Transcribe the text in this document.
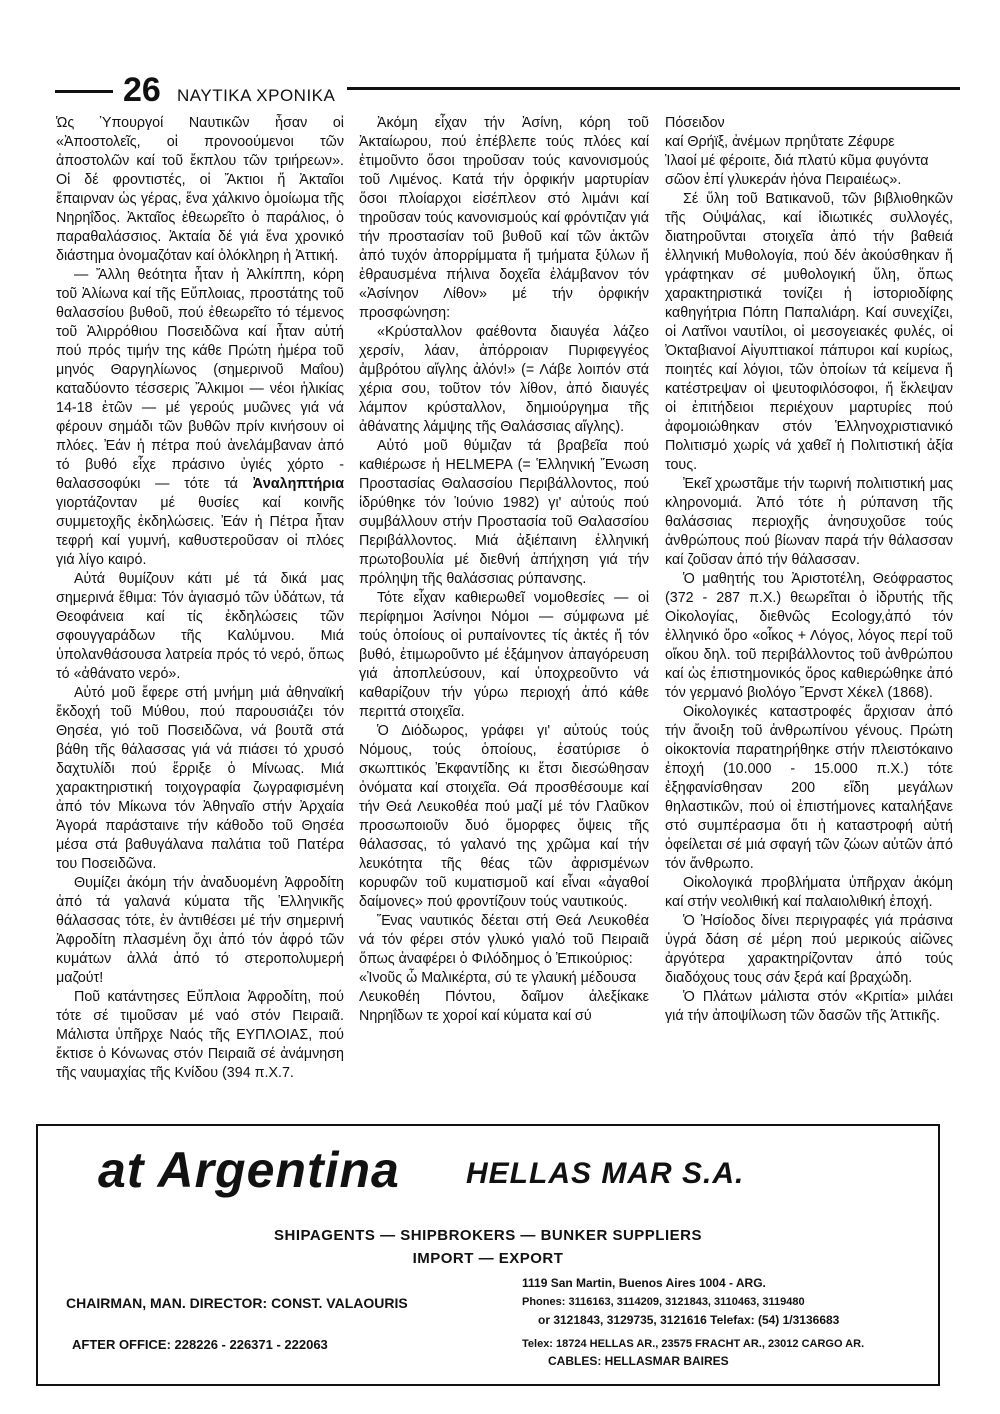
26 ΝΑΥΤΙΚΑ ΧΡΟΝΙΚΑ

Ὡς Ὑπουργοί Ναυτικῶν ἦσαν οἱ «Ἀποστολεῖς, οἱ προνοούμενοι τῶν ἀποστολῶν καί τοῦ ἔκπλου τῶν τριήρεων». Οἱ δέ φροντιστές, οἱ Ἄκτιοι ἤ Ἀκταῖοι ἔπαιρναν ὡς γέρας, ἕνα χάλκινο ὁμοίωμα τῆς Νηρηΐδος. Ἀκταῖος ἐθεωρεῖτο ὁ παράλιος, ὁ παραθαλάσσιος. Ἀκταία δέ γιά ἕνα χρονικό διάστημα ὀνομαζόταν καί ὁλόκληρη ἡ Ἀττική.

— Ἄλλη θεότητα ἦταν ἡ Ἀλκίππη, κόρη τοῦ Ἀλίωνα καί τῆς Εὔπλοιας, προστάτης τοῦ θαλασσίου βυθοῦ, πού ἐθεωρεῖτο τό τέμενος τοῦ Ἀλιρρόθιου Ποσειδῶνα καί ἦταν αὐτή πού πρός τιμήν της κάθε Πρώτη ἡμέρα τοῦ μηνός Θαργηλίωνος (σημερινοῦ Μαΐου) καταδύοντο τέσσερις Ἄλκιμοι — νέοι ἡλικίας 14-18 ἐτῶν — μέ γερούς μυῶνες γιά νά φέρουν σημάδι τῶν βυθῶν πρίν κινήσουν οἱ πλόες. Ἐάν ἡ πέτρα πού ἀνελάμβαναν ἀπό τό βυθό εἶχε πράσινο ὑγιές χόρτο - θαλασσοφύκι — τότε τά Ἀναληπτήρια γιορτάζονταν μέ θυσίες καί κοινῆς συμμετοχῆς ἐκδηλώσεις. Ἐάν ἡ Πέτρα ἦταν τεφρή καί γυμνή, καθυστεροῦσαν οἱ πλόες γιά λίγο καιρό.

Αὐτά θυμίζουν κάτι μέ τά δικά μας σημερινά ἔθιμα: Τόν ἁγιασμό τῶν ὑδάτων, τά Θεοφάνεια καί τίς ἐκδηλώσεις τῶν σφουγγαράδων τῆς Καλύμνου. Μιά ὑπολανθάσουσα λατρεία πρός τό νερό, ὅπως τό «ἀθάνατο νερό».

Αὐτό μοῦ ἔφερε στή μνήμη μιά ἀθηναϊκή ἔκδοχή τοῦ Μύθου, πού παρουσιάζει τόν Θησέα, γιό τοῦ Ποσειδῶνα, νά βουτᾶ στά βάθη τῆς θάλασσας γιά νά πιάσει τό χρυσό δαχτυλίδι πού ἔρριξε ὁ Μίνωας. Μιά χαρακτηριστική τοιχογραφία ζωγραφισμένη ἀπό τόν Μίκωνα τόν Ἀθηναῖο στήν Ἀρχαία Ἀγορά παράσταινε τήν κάθοδο τοῦ Θησέα μέσα στά βαθυγάλανα παλάτια τοῦ Πατέρα του Ποσειδῶνα.

Θυμίζει ἀκόμη τήν ἀναδυομένη Ἀφροδίτη ἀπό τά γαλανά κύματα τῆς Ἑλληνικῆς θάλασσας τότε, ἐν ἀντιθέσει μέ τήν σημερινή Ἀφροδίτη πλασμένη ὄχι ἀπό τόν ἀφρό τῶν κυμάτων ἀλλά ἀπό τό στεροπολυμερή μαζούτ!

Ποῦ κατάντησες Εὔπλοια Ἀφροδίτη, πού τότε σέ τιμοῦσαν μέ ναό στόν Πειραιᾶ. Μάλιστα ὑπῆρχε Ναός τῆς ΕΥΠΛΟΙΑΣ, πού ἔκτισε ὁ Κόνωνας στόν Πειραιᾶ σέ ἀνάμνηση τῆς ναυμαχίας τῆς Κνίδου (394 π.Χ.7.

Ἀκόμη εἶχαν τήν Ἀσίνη, κόρη τοῦ Ἀκταίωρου, πού ἐπέβλεπε τούς πλόες καί ἐτιμοῦντο ὅσοι τηροῦσαν τούς κανονισμούς τοῦ Λιμένος. Κατά τήν ὀρφικήν μαρτυρίαν ὅσοι πλοίαρχοι εἰσέπλεον στό λιμάνι καί τηροῦσαν τούς κανονισμούς καί φρόντιζαν γιά τήν προστασίαν τοῦ βυθοῦ καί τῶν ἀκτῶν ἀπό τυχόν ἀπορρίμματα ἤ τμήματα ξύλων ἤ ἐθραυσμένα πήλινα δοχεῖα ἐλάμβανον τόν «Ἀσίνηον Λίθον» μέ τήν ὀρφικήν προσφώνηση:

«Κρύσταλλον φαέθοντα διαυγέα λάζεο χερσίν, λάαν, ἀπόρροιαν Πυριφεγγέος ἀμβρότου αἴγλης ἀλόν!» (= Λάβε λοιπόν στά χέρια σου, τοῦτον τόν λίθον, ἀπό διαυγές λάμπον κρύσταλλον, δημιούργημα τῆς ἀθάνατης λάμψης τῆς Θαλάσσιας αἴγλης).

Αὐτό μοῦ θύμιζαν τά βραβεῖα πού καθιέρωσε ἡ HELMEPA (= Ἑλληνική Ἔνωση Προστασίας Θαλασσίου Περιβάλλοντος, πού ἱδρύθηκε τόν Ἰούνιο 1982) γι' αὐτούς πού συμβάλλουν στήν Προστασία τοῦ Θαλασσίου Περιβάλλοντος. Μιά ἀξιέπαινη ἑλληνική πρωτοβουλία μέ διεθνή ἀπήχηση γιά τήν πρόληψη τῆς θαλάσσιας ρύπανσης.

Τότε εἶχαν καθιερωθεῖ νομοθεσίες — οἱ περίφημοι Ἀσίνηοι Νόμοι — σύμφωνα μέ τούς ὁποίους οἱ ρυπαίνοντες τίς ἀκτές ἤ τόν βυθό, ἐτιμωροῦντο μέ ἑξάμηνον ἀπαγόρευση γιά ἀποπλεύσουν, καί ὑποχρεοῦντο νά καθαρίζουν τήν γύρω περιοχή ἀπό κάθε περιττά στοιχεῖα.

Ὁ Διόδωρος, γράφει γι' αὐτούς τούς Νόμους, τούς ὁποίους, ἐσατύρισε ὁ σκωπτικός Ἐκφαντίδης κι ἔτσι διεσώθησαν ὀνόματα καί στοιχεῖα. Θά προσθέσουμε καί τήν Θεά Λευκοθέα πού μαζί μέ τόν Γλαῦκον προσωποιοῦν δυό ὄμορφες ὄψεις τῆς θάλασσας, τό γαλανό της χρῶμα καί τήν λευκότητα τῆς θέας τῶν ἀφρισμένων κορυφῶν τοῦ κυματισμοῦ καί εἶναι «ἀγαθοί δαίμονες» πού φροντίζουν τούς ναυτικούς.

Ἕνας ναυτικός δέεται στή Θεά Λευκοθέα νά τόν φέρει στόν γλυκό γιαλό τοῦ Πειραιᾶ ὅπως ἀναφέρει ὁ Φιλόδημος ὁ Ἐπικούριος:

«Ἰνοῦς ὦ Μαλικέρτα, σύ τε γλαυκή μέδουσα

Λευκοθέη Πόντου, δαῖμον ἀλεξίκακε Νηρηΐδων τε χοροί καί κύματα καί σύ

Πόσειδον

καί Θρήϊξ, ἀνέμων πρηΰτατε Ζέφυρε

Ἱλαοί μέ φέροιτε, διά πλατύ κῦμα φυγόντα

σῶον ἐπί γλυκεράν ἠόνα Πειραιέως».

Σέ ὕλη τοῦ Βατικανοῦ, τῶν βιβλιοθηκῶν τῆς Οὐψάλας, καί ἰδιωτικές συλλογές, διατηροῦνται στοιχεῖα ἀπό τήν βαθειά ἑλληνική Μυθολογία, πού δέν ἀκούσθηκαν ἤ γράφτηκαν σέ μυθολογική ὕλη, ὅπως χαρακτηριστικά τονίζει ἡ ἱστοριοδίφης καθηγήτρια Πόπη Παπαλιάρη. Καί συνεχίζει, οἱ Λατῖνοι ναυτίλοι, οἱ μεσογειακές φυλές, οἱ Ὀκταβιανοί Αἰγυπτιακοί πάπυροι καί κυρίως, ποιητές καί λόγιοι, τῶν ὁποίων τά κείμενα ἤ κατέστρεψαν οἱ ψευτοφιλόσοφοι, ἤ ἔκλεψαν οἱ ἐπιτήδειοι περιέχουν μαρτυρίες πού ἀφομοιώθηκαν στόν Ἑλληνοχριστιανικό Πολιτισμό χωρίς νά χαθεῖ ἡ Πολιτιστική ἀξία τους.

Ἐκεῖ χρωστᾶμε τήν τωρινή πολιτιστική μας κληρονομιά. Ἀπό τότε ἡ ρύπανση τῆς θαλάσσιας περιοχῆς ἀνησυχοῦσε τούς ἀνθρώπους πού βίωναν παρά τήν θάλασσαν καί ζοῦσαν ἀπό τήν θάλασσαν.

Ὁ μαθητής του Ἀριστοτέλη, Θεόφραστος (372 - 287 π.Χ.) θεωρεῖται ὁ ἱδρυτής τῆς Οἰκολογίας, διεθνῶς Ecology,ἀπό τόν ἑλληνικό ὅρο «οἶκος + Λόγος, λόγος περί τοῦ οἴκου δηλ. τοῦ περιβάλλοντος τοῦ ἀνθρώπου καί ὡς ἐπιστημονικός ὅρος καθιερώθηκε ἀπό τόν γερμανό βιολόγο Ἔρνστ Χέκελ (1868).

Οἰκολογικές καταστροφές ἄρχισαν ἀπό τήν ἄνοιξη τοῦ ἀνθρωπίνου γένους. Πρώτη οἰκοκτονία παρατηρήθηκε στήν πλειστόκαινο ἐποχή (10.000 - 15.000 π.Χ.) τότε ἐξηφανίσθησαν 200 εἴδη μεγάλων θηλαστικῶν, πού οἱ ἐπιστήμονες καταλήξανε στό συμπέρασμα ὅτι ἡ καταστροφή αὐτή ὀφείλεται σέ μιά σφαγή τῶν ζώων αὐτῶν ἀπό τόν ἄνθρωπο.

Οἰκολογικά προβλήματα ὑπῆρχαν ἀκόμη καί στήν νεολιθική καί παλαιολιθική ἐποχή.

Ὁ Ἡσίοδος δίνει περιγραφές γιά πράσινα ὑγρά δάση σέ μέρη πού μερικούς αἰῶνες ἀργότερα χαρακτηρίζονταν ἀπό τούς διαδόχους τους σάν ξερά καί βραχώδη.

Ὁ Πλάτων μάλιστα στόν «Κριτία» μιλάει γιά τήν ἀποψίλωση τῶν δασῶν τῆς Ἀττικῆς.

at Argentina HELLAS MAR S.A.
SHIPAGENTS — SHIPBROKERS — BUNKER SUPPLIERS
IMPORT — EXPORT
CHAIRMAN, MAN. DIRECTOR: CONST. VALAOURIS
AFTER OFFICE: 228226 - 226371 - 222063
1119 San Martin, Buenos Aires 1004 - ARG.
Phones: 3116163, 3114209, 3121843, 3110463, 3119480
or 3121843, 3129735, 3121616 Telefax: (54) 1/3136683
Telex: 18724 HELLAS AR., 23575 FRACHT AR., 23012 CARGO AR.
CABLES: HELLASMAR BAIRES
